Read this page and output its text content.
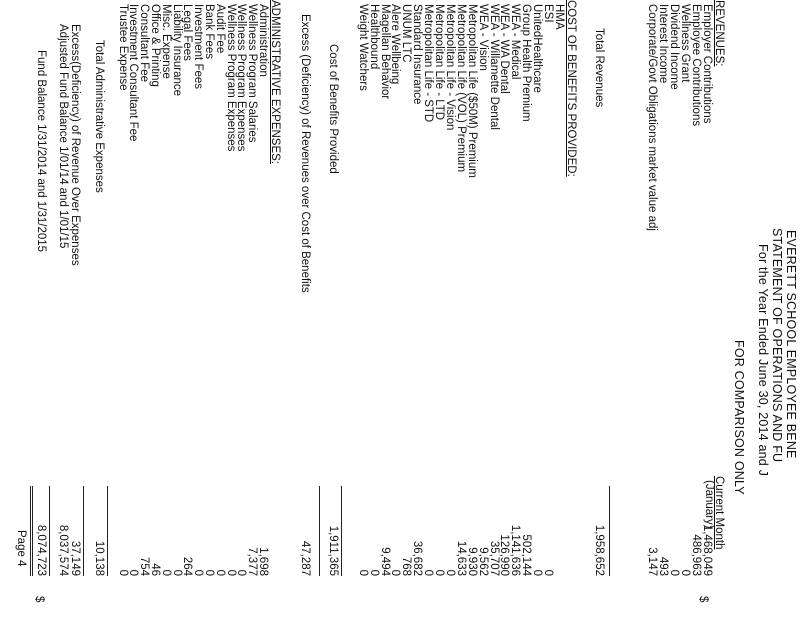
EVERETT SCHOOL EMPLOYEE BENE
STATEMENT OF OPERATIONS AND FU
For the Year Ended June 30, 2014 and J
FOR COMPARISON ONLY
Current Month
(January)
$
REVENUES:
Employer Contributions
1,468,049
Employee Contributions
486,963
Wellness Grant
0
Dividend Income
0
Interest Income
493
Corporate/Govt Obligations market value adj
3,147
Total Revenues
1,958,652
COST OF BENEFITS PROVIDED:
HMA
ESI
0
UnitedHealthcare
0
Group Health Premium
502,144
WEA - Medical
1,141,636
WEA - WA Dental
126,990
WEA - Willamette Dental
35,707
WEA - Vision
9,562
Metropolitan Life ($50M) Premium
9,930
Metropolitan Life (VOL) Premium
14,633
Metropolitan Life - Vision
0
Metropolitan Life - LTD
0
Metropolitan Life - STD
0
Standard Insurance
36,682
UNUM LTC
768
Alere Wellbeing
0
Magellan Behavior
9,494
Healthbound
0
Weight Watchers
0
Cost of Benefits Provided
1,911,365
Excess (Deficiency) of Revenues over Cost of Benefits
47,287
ADMINISTRATIVE EXPENSES:
Administration
1,698
Wellness Program Salaries
7,377
Wellness Program Expenses
0
Wellness Program Expenses
0
Audit Fee
0
Bank Fees
0
Investment Fees
0
Legal Fees
264
Liability Insurance
0
Misc. Expense
0
Office & Printing
46
Consultant Fee
754
Investment Consultant Fee
0
Trustee Expense
0
Total Administrative Expenses
10,138
Excess(Deficiency) of Revenue Over Expenses
37,149
Adjusted Fund Balance 1/01/14 and 1/01/15
8,037,574
Fund Balance 1/31/2014 and 1/31/2015
8,074,723
$
Page 4
